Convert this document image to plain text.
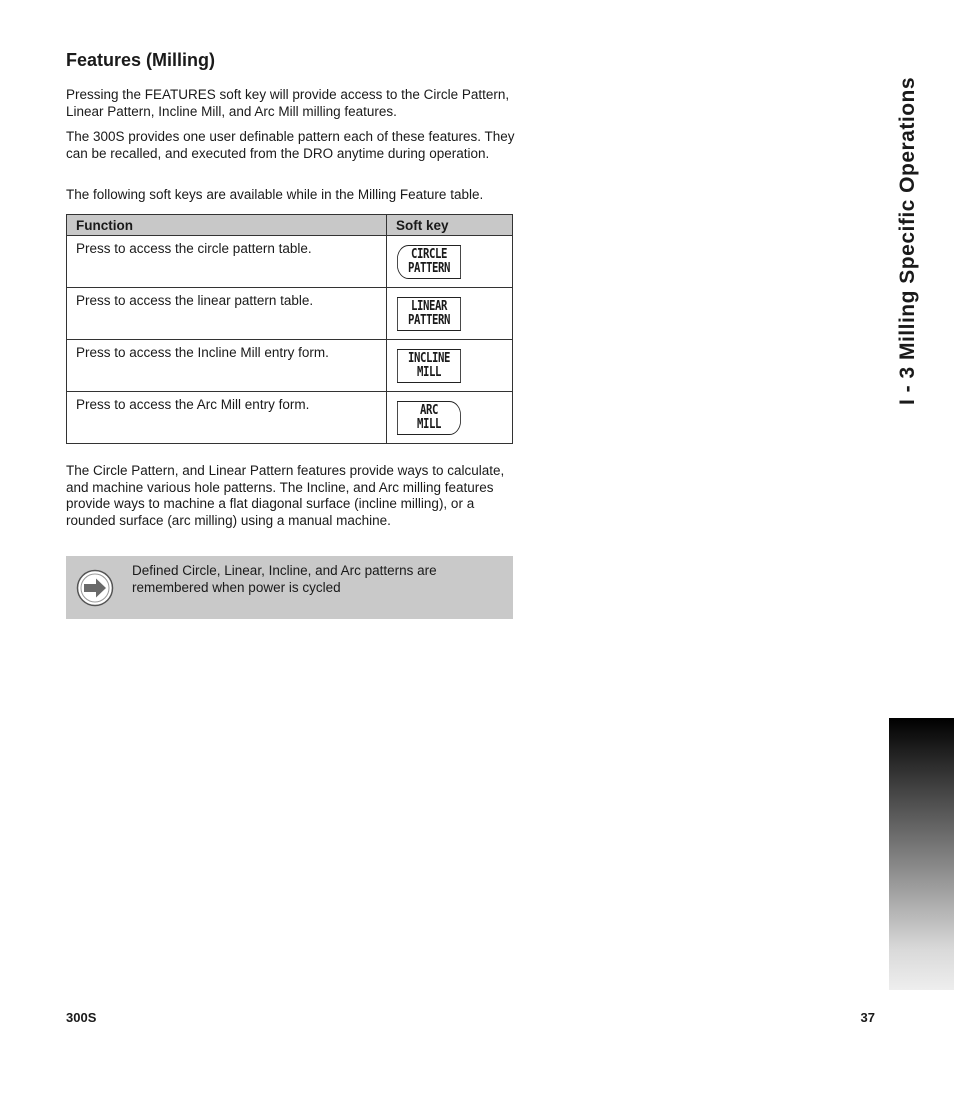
Features (Milling)

Pressing the FEATURES soft key will provide access to the Circle Pattern, Linear Pattern, Incline Mill, and Arc Mill milling features.

The 300S provides one user definable pattern each of these features. They can be recalled, and executed from the DRO anytime during operation.

The following soft keys are available while in the Milling Feature table.

Function	Soft key
Press to access the circle pattern table.	CIRCLE
PATTERN

Press to access the linear pattern table.	LINEAR
PATTERN

Press to access the Incline Mill entry form.	INCLINE
MILL

Press to access the Arc Mill entry form.	ARC
MILL

The Circle Pattern, and Linear Pattern features provide ways to calculate, and machine various hole patterns. The Incline, and Arc milling features provide ways to machine a flat diagonal surface (incline milling), or a rounded surface (arc milling) using a manual machine.

Defined Circle, Linear, Incline, and Arc patterns are remembered when power is cycled

I - 3 Milling Specific Operations
300S	37
